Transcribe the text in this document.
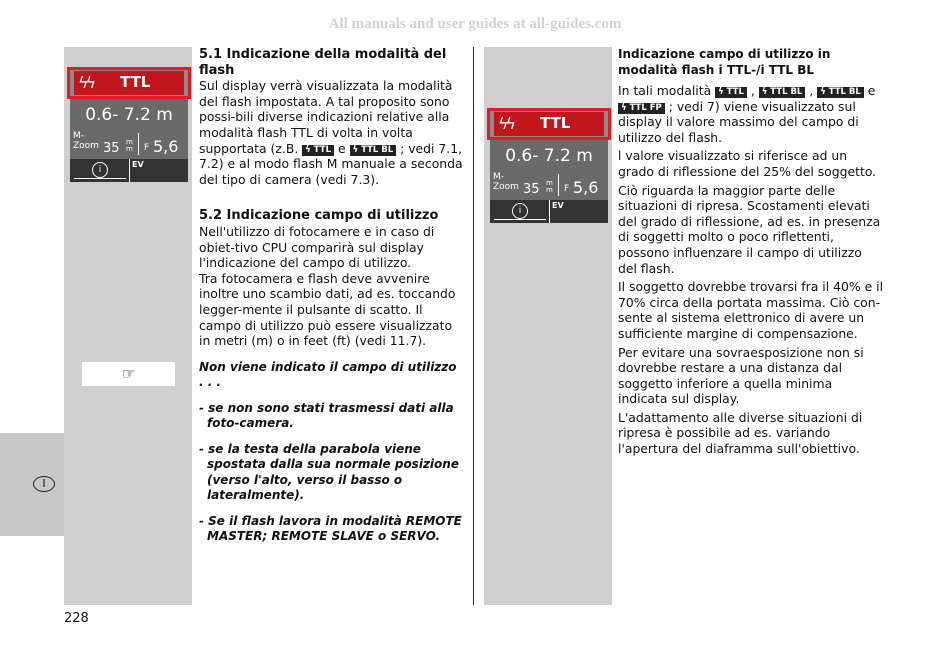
All manuals and user guides at all-guides.com
I
ϟϟ TTL
0.6- 7.2 m
M-
Zoom 35 m m F 5,6
i
EV
ϟϟ TTL
0.6- 7.2 m
M-
Zoom 35 m m F 5,6
i
EV
☞

5.1 Indicazione della modalità del flash

Sul display verrà visualizzata la modalità del flash impostata. A tal proposito sono possi-bili diverse indicazioni relative alla modalità flash TTL di volta in volta supportata (z.B. ϟ TTL e ϟ TTL BL ; vedi 7.1, 7.2) e al modo flash M manuale a seconda del tipo di camera (vedi 7.3).

5.2 Indicazione campo di utilizzo

Nell'utilizzo di fotocamere e in caso di obiet-tivo CPU comparirà sul display l'indicazione del campo di utilizzo.

Tra fotocamera e flash deve avvenire inoltre uno scambio dati, ad es. toccando legger-mente il pulsante di scatto. Il campo di utilizzo può essere visualizzato in metri (m) o in feet (ft) (vedi 11.7).

Non viene indicato il campo di utilizzo . . .

- se non sono stati trasmessi dati alla foto-camera.

- se la testa della parabola viene spostata dalla sua normale posizione (verso l'alto, verso il basso o lateralmente).

- Se il flash lavora in modalità REMOTE MASTER; REMOTE SLAVE o SERVO.

Indicazione campo di utilizzo in modalità flash i TTL-/i TTL BL

In tali modalità ϟ TTL , ϟ TTL BL , ϟ TTL BL e ϟ TTL FP ; vedi 7) viene visualizzato sul display il valore massimo del campo di utilizzo del flash.

l valore visualizzato si riferisce ad un grado di riflessione del 25% del soggetto.

Ciò riguarda la maggior parte delle situazioni di ripresa. Scostamenti elevati del grado di riflessione, ad es. in presenza di soggetti molto o poco riflettenti, possono influenzare il campo di utilizzo del flash.

Il soggetto dovrebbe trovarsi fra il 40% e il 70% circa della portata massima. Ciò con-sente al sistema elettronico di avere un sufficiente margine di compensazione.

Per evitare una sovraesposizione non si dovrebbe restare a una distanza dal soggetto inferiore a quella minima indicata sul display.

L'adattamento alle diverse situazioni di ripresa è possibile ad es. variando l'apertura del diaframma sull'obiettivo.

228
